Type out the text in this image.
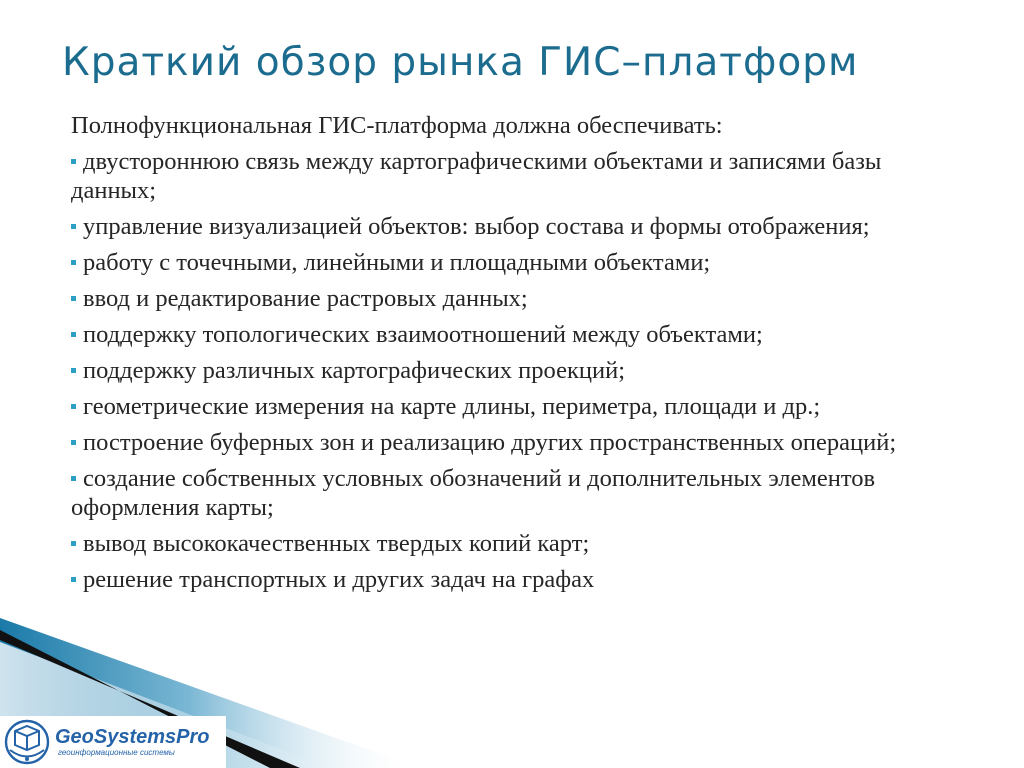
Краткий обзор рынка ГИС–платформ

Полнофункциональная ГИС-платформа должна обеспечивать:

двустороннюю связь между картографическими объектами и записями базы данных;
управление визуализацией объектов: выбор состава и формы отображения;
работу с точечными, линейными и площадными объектами;
ввод и редактирование растровых данных;
поддержку топологических взаимоотношений между объектами;
поддержку различных картографических проекций;
геометрические измерения на карте длины, периметра, площади и др.;
построение буферных зон и реализацию других пространственных операций;
создание собственных условных обозначений и дополнительных элементов оформления карты;
вывод высококачественных твердых копий карт;
решение транспортных и других задач на графах
GeoSystemsPro
геоинформационные системы
